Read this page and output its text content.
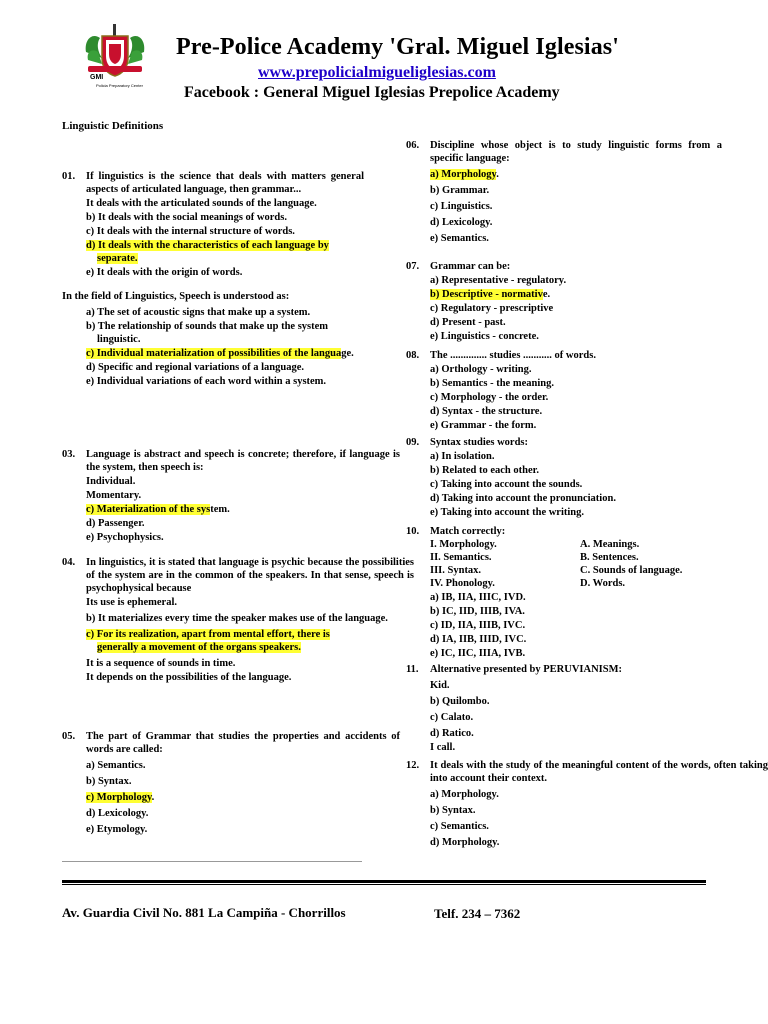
GMI
Policia Preparatory Center
Pre-Police Academy 'Gral. Miguel Iglesias'
www.prepolicialmigueliglesias.com
Facebook : General Miguel Iglesias Prepolice Academy
Linguistic Definitions
01. If linguistics is the science that deals with matters general aspects of articulated language, then grammar...
It deals with the articulated sounds of the language.
b) It deals with the social meanings of words.
c) It deals with the internal structure of words.
d) It deals with the characteristics of each language by separate.
e) It deals with the origin of words.
In the field of Linguistics, Speech is understood as:
a) The set of acoustic signs that make up a system.
b) The relationship of sounds that make up the system linguistic.
c) Individual materialization of possibilities of the language.
d) Specific and regional variations of a language.
e) Individual variations of each word within a system.
03. Language is abstract and speech is concrete; therefore, if language is the system, then speech is:
Individual.
Momentary.
c) Materialization of the system.
d) Passenger.
e) Psychophysics.
04. In linguistics, it is stated that language is psychic because the possibilities of the system are in the common of the speakers. In that sense, speech is psychophysical because
Its use is ephemeral.
b) It materializes every time the speaker makes use of the language.
c) For its realization, apart from mental effort, there is generally a movement of the organs speakers.
It is a sequence of sounds in time.
It depends on the possibilities of the language.
05. The part of Grammar that studies the properties and accidents of words are called:
a) Semantics.
b) Syntax.
c) Morphology.
d) Lexicology.
e) Etymology.
06. Discipline whose object is to study linguistic forms from a specific language:
a) Morphology.
b) Grammar.
c) Linguistics.
d) Lexicology.
e) Semantics.
07. Grammar can be:
a) Representative - regulatory.
b) Descriptive - normative.
c) Regulatory - prescriptive
d) Present - past.
e) Linguistics - concrete.
08. The .............. studies ........... of words.
a) Orthology - writing.
b) Semantics - the meaning.
c) Morphology - the order.
d) Syntax - the structure.
e) Grammar - the form.
09. Syntax studies words:
a) In isolation.
b) Related to each other.
c) Taking into account the sounds.
d) Taking into account the pronunciation.
e) Taking into account the writing.
10. Match correctly:
I. Morphology.	A. Meanings.
II. Semantics.	B. Sentences.
III. Syntax.	C. Sounds of language.
IV. Phonology.	D. Words.
a) IB, IIA, IIIC, IVD.
b) IC, IID, IIIB, IVA.
c) ID, IIA, IIIB, IVC.
d) IA, IIB, IIID, IVC.
e) IC, IIC, IIIA, IVB.
11. Alternative presented by PERUVIANISM:
Kid.
b) Quilombo.
c) Calato.
d) Ratico.
I call.
12. It deals with the study of the meaningful content of the words, often taking into account their context.
a) Morphology.
b) Syntax.
c) Semantics.
d) Morphology.
Av. Guardia Civil No. 881 La Campiña - Chorrillos	Telf. 234 – 7362
